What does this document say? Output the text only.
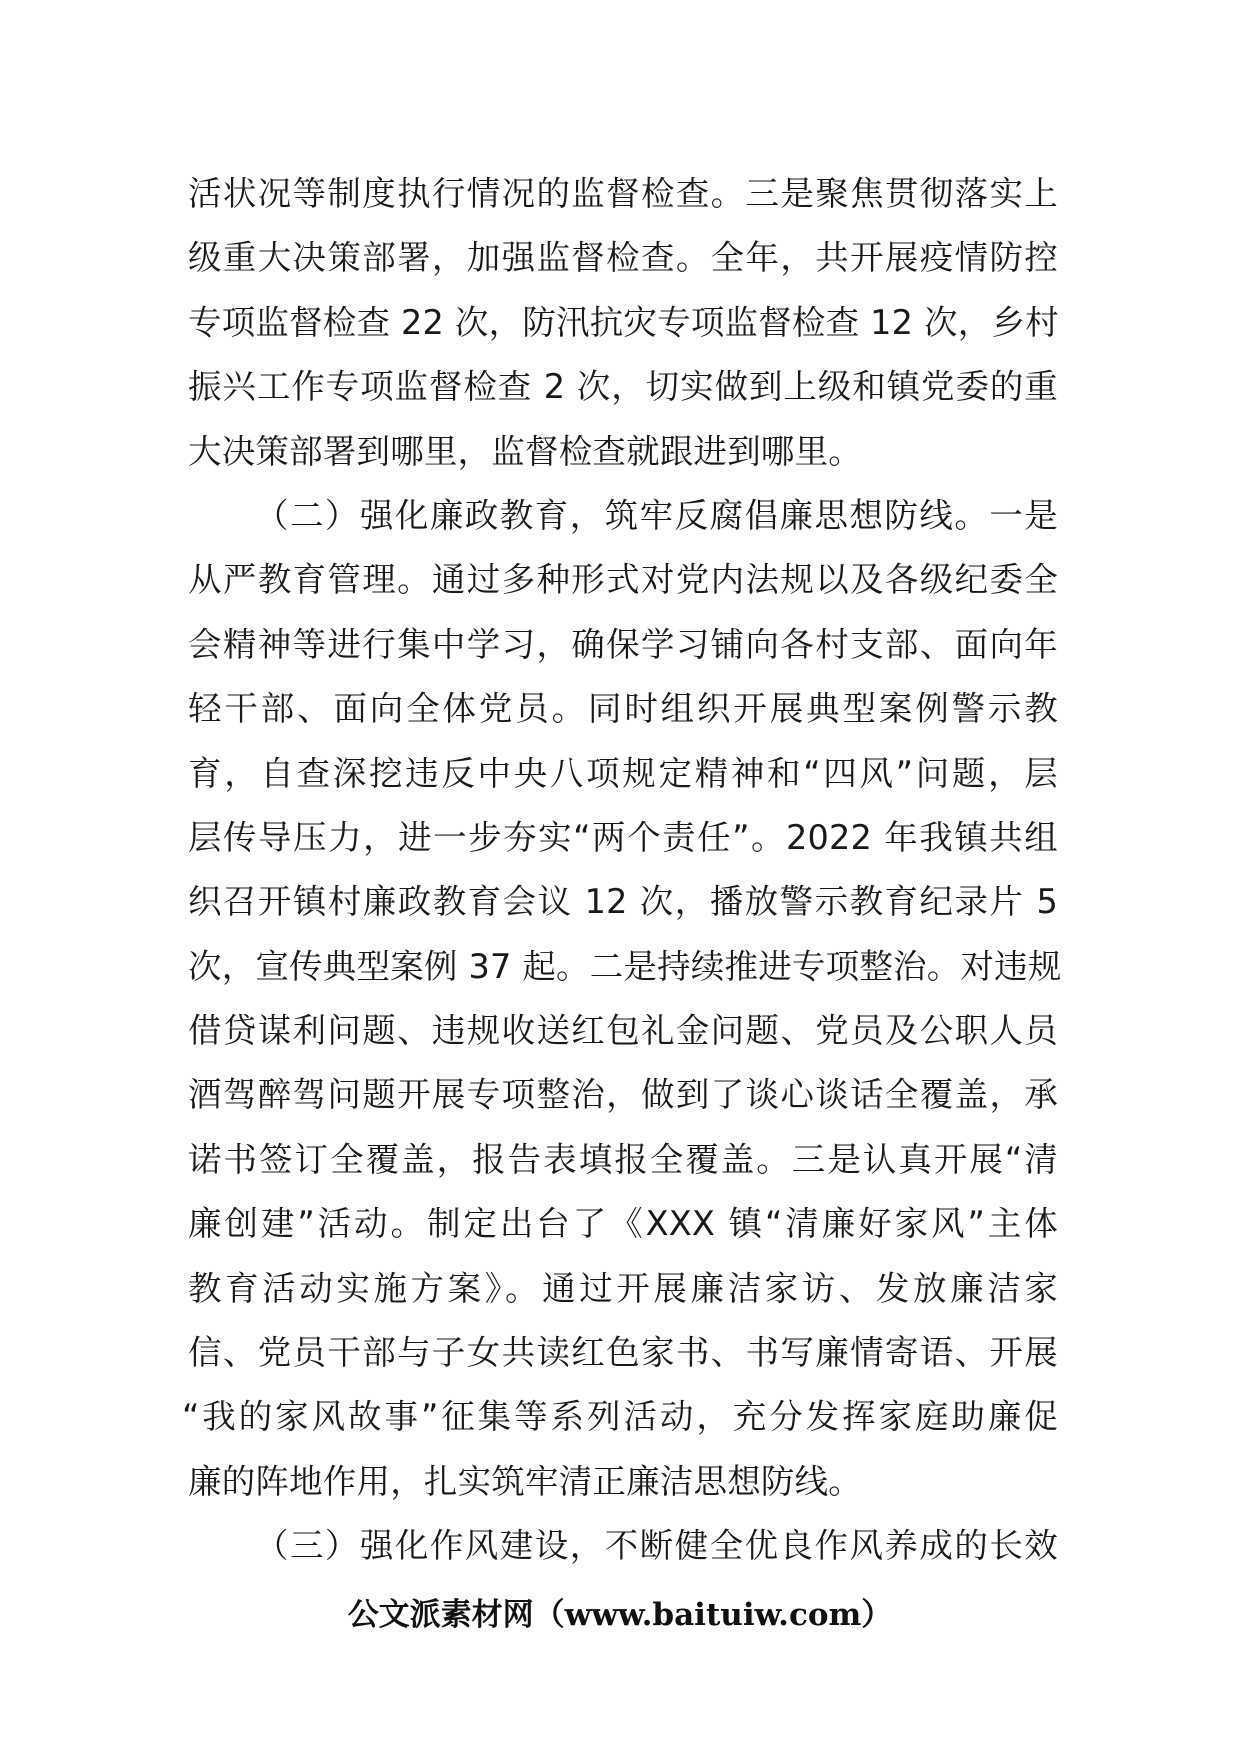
活状况等制度执行情况的监督检查。三是聚焦贯彻落实上
级重大决策部署，加强监督检查。全年，共开展疫情防控
专项监督检查 22 次，防汛抗灾专项监督检查 12 次，乡村
振兴工作专项监督检查 2 次，切实做到上级和镇党委的重
大决策部署到哪里，监督检查就跟进到哪里。
（二）强化廉政教育，筑牢反腐倡廉思想防线。一是
从严教育管理。通过多种形式对党内法规以及各级纪委全
会精神等进行集中学习，确保学习铺向各村支部、面向年
轻干部、面向全体党员。同时组织开展典型案例警示教
育，自查深挖违反中央八项规定精神和“四风”问题，层
层传导压力，进一步夯实“两个责任”。2022 年我镇共组
织召开镇村廉政教育会议 12 次，播放警示教育纪录片 5
次，宣传典型案例 37 起。二是持续推进专项整治。对违规
借贷谋利问题、违规收送红包礼金问题、党员及公职人员
酒驾醉驾问题开展专项整治，做到了谈心谈话全覆盖，承
诺书签订全覆盖，报告表填报全覆盖。三是认真开展“清
廉创建”活动。制定出台了《XXX 镇“清廉好家风”主体
教育活动实施方案》。通过开展廉洁家访、发放廉洁家
信、党员干部与子女共读红色家书、书写廉情寄语、开展
“我的家风故事”征集等系列活动，充分发挥家庭助廉促
廉的阵地作用，扎实筑牢清正廉洁思想防线。
（三）强化作风建设，不断健全优良作风养成的长效
公文派素材网（www.baituiw.com）
